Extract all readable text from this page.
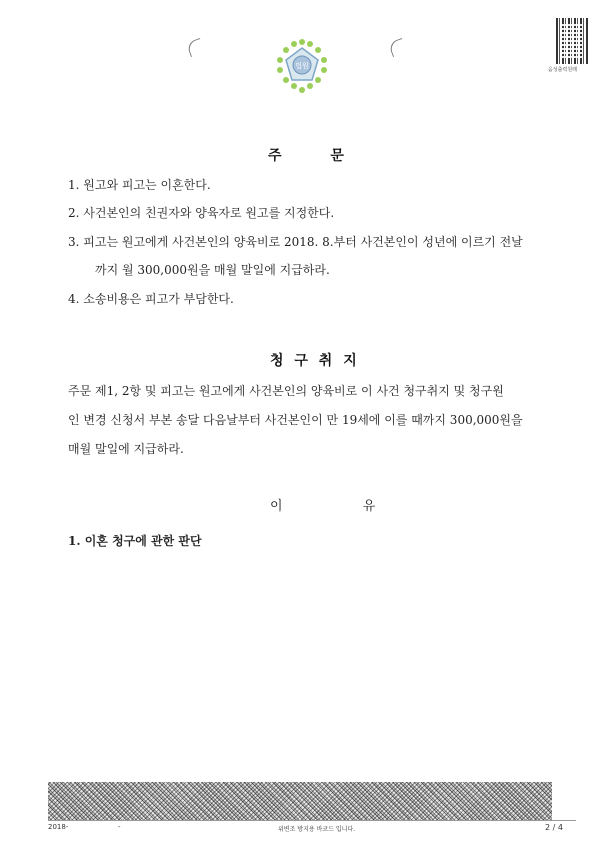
법원	음성출력원래
주 문
1. 원고와 피고는 이혼한다.
2. 사건본인의 친권자와 양육자로 원고를 지정한다.
3. 피고는 원고에게 사건본인의 양육비로 2018. 8.부터 사건본인이 성년에 이르기 전날
까지 월 300,000원을 매월 말일에 지급하라.
4. 소송비용은 피고가 부담한다.
청 구 취 지
주문 제1, 2항 및 피고는 원고에게 사건본인의 양육비로 이 사건 청구취지 및 청구원
인 변경 신청서 부본 송달 다음날부터 사건본인이 만 19세에 이를 때까지 300,000원을
매월 말일에 지급하라.
이 유
1. 이혼 청구에 관한 판단
2018-	-	위변조 방지용 바코드 입니다.	2 / 4
